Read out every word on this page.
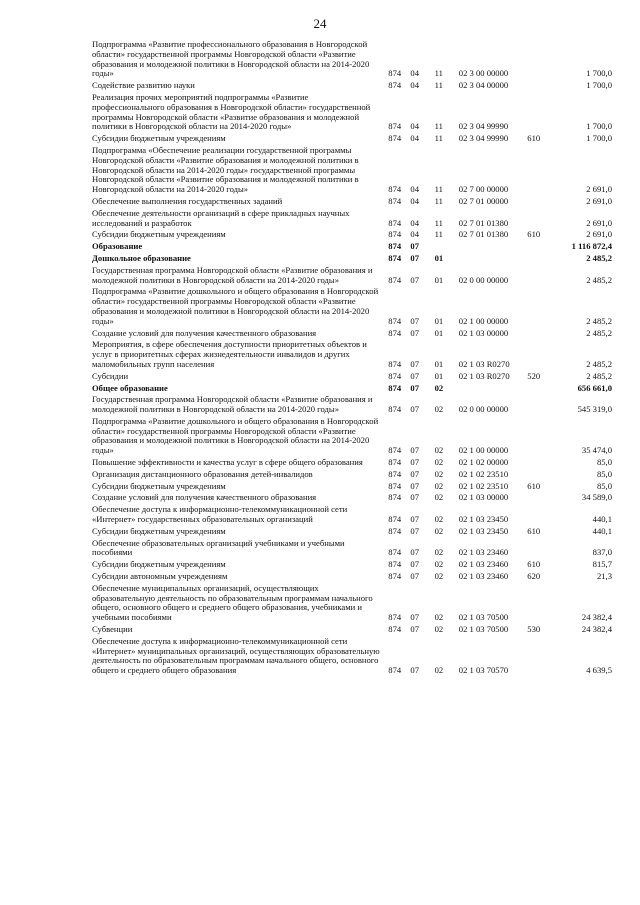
24
Подпрограмма «Развитие профессионального образования в Новгородской области» государственной программы Новгородской области «Развитие образования и молодежной политики в Новгородской области на 2014-2020 годы»	874	04	11	02 3 00 00000		1 700,0
Содействие развитию науки	874	04	11	02 3 04 00000		1 700,0
Реализация прочих мероприятий подпрограммы «Развитие профессионального образования в Новгородской области» государственной программы Новгородской области «Развитие образования и молодежной политики в Новгородской области на 2014-2020 годы»	874	04	11	02 3 04 99990		1 700,0
Субсидии бюджетным учреждениям	874	04	11	02 3 04 99990	610	1 700,0
Подпрограмма «Обеспечение реализации государственной программы Новгородской области «Развитие образования и молодежной политики в Новгородской области на 2014-2020 годы» государственной программы Новгородской области «Развитие образования и молодежной политики в Новгородской области на 2014-2020 годы»	874	04	11	02 7 00 00000		2 691,0
Обеспечение выполнения государственных заданий	874	04	11	02 7 01 00000		2 691,0
Обеспечение деятельности организаций в сфере прикладных научных исследований и разработок	874	04	11	02 7 01 01380		2 691,0
Субсидии бюджетным учреждениям	874	04	11	02 7 01 01380	610	2 691,0
Образование	874	07				1 116 872,4
Дошкольное образование	874	07	01			2 485,2
Государственная программа Новгородской области «Развитие образования и молодежной политики в Новгородской области на 2014-2020 годы»	874	07	01	02 0 00 00000		2 485,2
Подпрограмма «Развитие дошкольного и общего образования в Новгородской области» государственной программы Новгородской области «Развитие образования и молодежной политики в Новгородской области на 2014-2020 годы»	874	07	01	02 1 00 00000		2 485,2
Создание условий для получения качественного образования	874	07	01	02 1 03 00000		2 485,2
Мероприятия, в сфере обеспечения доступности приоритетных объектов и услуг в приоритетных сферах жизнедеятельности инвалидов и других маломобильных групп населения	874	07	01	02 1 03 R0270		2 485,2
Субсидии	874	07	01	02 1 03 R0270	520	2 485,2
Общее образование	874	07	02			656 661,0
Государственная программа Новгородской области «Развитие образования и молодежной политики в Новгородской области на 2014-2020 годы»	874	07	02	02 0 00 00000		545 319,0
Подпрограмма «Развитие дошкольного и общего образования в Новгородской области» государственной программы Новгородской области «Развитие образования и молодежной политики в Новгородской области на 2014-2020 годы»	874	07	02	02 1 00 00000		35 474,0
Повышение эффективности и качества услуг в сфере общего образования	874	07	02	02 1 02 00000		85,0
Организация дистанционного образования детей-инвалидов	874	07	02	02 1 02 23510		85,0
Субсидии бюджетным учреждениям	874	07	02	02 1 02 23510	610	85,0
Создание условий для получения качественного образования	874	07	02	02 1 03 00000		34 589,0
Обеспечение доступа к информационно-телекоммуникационной сети «Интернет» государственных образовательных организаций	874	07	02	02 1 03 23450		440,1
Субсидии бюджетным учреждениям	874	07	02	02 1 03 23450	610	440,1
Обеспечение образовательных организаций учебниками и учебными пособиями	874	07	02	02 1 03 23460		837,0
Субсидии бюджетным учреждениям	874	07	02	02 1 03 23460	610	815,7
Субсидии автономным учреждениям	874	07	02	02 1 03 23460	620	21,3
Обеспечение муниципальных организаций, осуществляющих образовательную деятельность по образовательным программам начального общего, основного общего и среднего общего образования, учебниками и учебными пособиями	874	07	02	02 1 03 70500		24 382,4
Субвенции	874	07	02	02 1 03 70500	530	24 382,4
Обеспечение доступа к информационно-телекоммуникационной сети «Интернет» муниципальных организаций, осуществляющих образовательную деятельность по образовательным программам начального общего, основного общего и среднего общего образования	874	07	02	02 1 03 70570		4 639,5
